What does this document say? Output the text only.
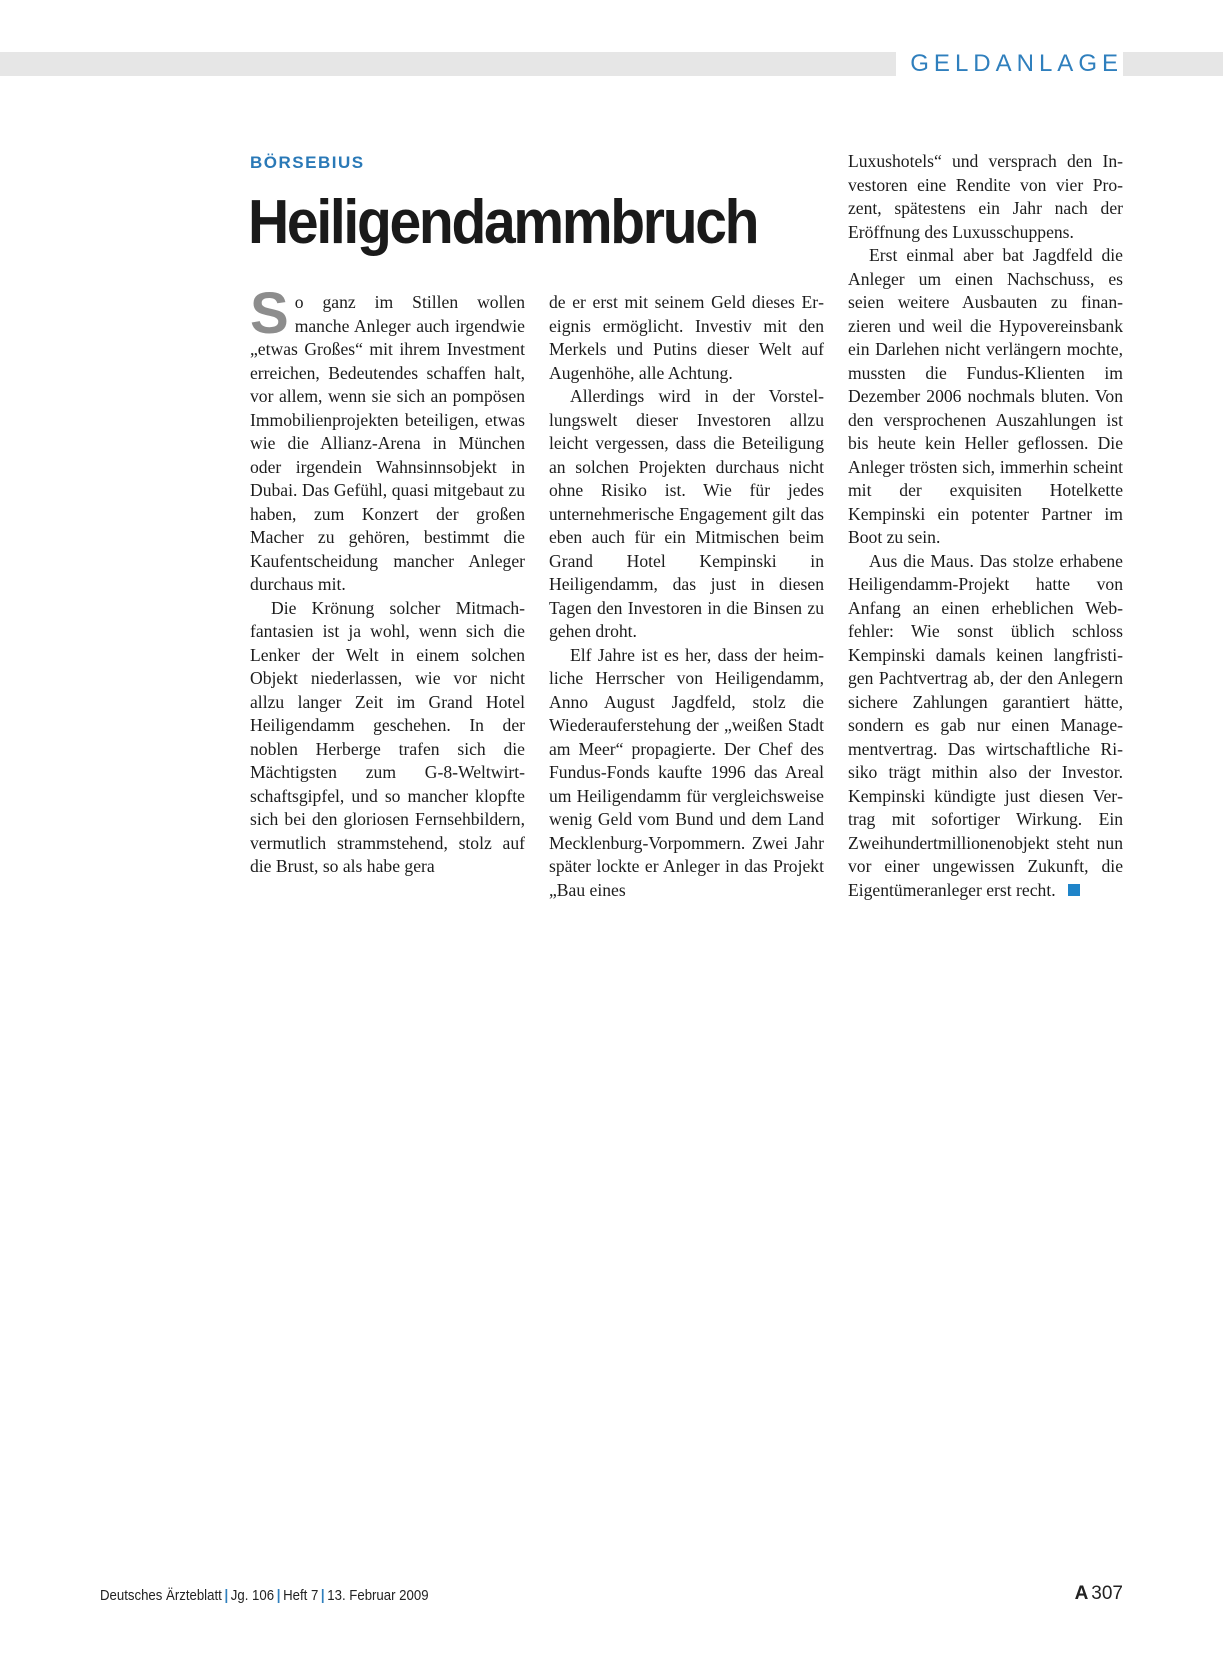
GELDANLAGE
BÖRSEBIUS
Heiligendammbruch

So ganz im Stillen wollen manche Anleger auch irgendwie „etwas Großes“ mit ihrem Investment erreichen, Bedeutendes schaffen halt, vor allem, wenn sie sich an pompösen Immobilienprojekten beteiligen, etwas wie die Allianz-Arena in München oder irgendein Wahnsinnsobjekt in Dubai. Das Gefühl, quasi mitgebaut zu haben, zum Konzert der großen Macher zu gehören, bestimmt die Kaufentscheidung mancher Anleger durchaus mit.

Die Krönung solcher Mitmachfantasien ist ja wohl, wenn sich die Lenker der Welt in einem solchen Objekt niederlassen, wie vor nicht allzu langer Zeit im Grand Hotel Heiligendamm geschehen. In der noblen Herberge trafen sich die Mächtigsten zum G-8-Weltwirtschaftsgipfel, und so mancher klopfte sich bei den gloriosen Fernsehbildern, vermutlich strammstehend, stolz auf die Brust, so als habe gera

de er erst mit seinem Geld dieses Ereignis ermöglicht. Investiv mit den Merkels und Putins dieser Welt auf Augenhöhe, alle Achtung.

Allerdings wird in der Vorstellungswelt dieser Investoren allzu leicht vergessen, dass die Beteiligung an solchen Projekten durchaus nicht ohne Risiko ist. Wie für jedes unternehmerische Engagement gilt das eben auch für ein Mitmischen beim Grand Hotel Kempinski in Heiligendamm, das just in diesen Tagen den Investoren in die Binsen zu gehen droht.

Elf Jahre ist es her, dass der heimliche Herrscher von Heiligendamm, Anno August Jagdfeld, stolz die Wiederauferstehung der „weißen Stadt am Meer“ propagierte. Der Chef des Fundus-Fonds kaufte 1996 das Areal um Heiligendamm für vergleichsweise wenig Geld vom Bund und dem Land Mecklenburg-Vorpommern. Zwei Jahr später lockte er Anleger in das Projekt „Bau eines

Luxushotels“ und versprach den Investoren eine Rendite von vier Prozent, spätestens ein Jahr nach der Eröffnung des Luxusschuppens.

Erst einmal aber bat Jagdfeld die Anleger um einen Nachschuss, es seien weitere Ausbauten zu finanzieren und weil die Hypovereinsbank ein Darlehen nicht verlängern mochte, mussten die Fundus-Klienten im Dezember 2006 nochmals bluten. Von den versprochenen Auszahlungen ist bis heute kein Heller geflossen. Die Anleger trösten sich, immerhin scheint mit der exquisiten Hotelkette Kempinski ein potenter Partner im Boot zu sein.

Aus die Maus. Das stolze erhabene Heiligendamm-Projekt hatte von Anfang an einen erheblichen Webfehler: Wie sonst üblich schloss Kempinski damals keinen langfristigen Pachtvertrag ab, der den Anlegern sichere Zahlungen garantiert hätte, sondern es gab nur einen Managementvertrag. Das wirtschaftliche Risiko trägt mithin also der Investor. Kempinski kündigte just diesen Vertrag mit sofortiger Wirkung. Ein Zweihundertmillionenobjekt steht nun vor einer ungewissen Zukunft, die Eigentümeranleger erst recht.

Deutsches Ärzteblatt | Jg. 106 | Heft 7 | 13. Februar 2009	A 307
